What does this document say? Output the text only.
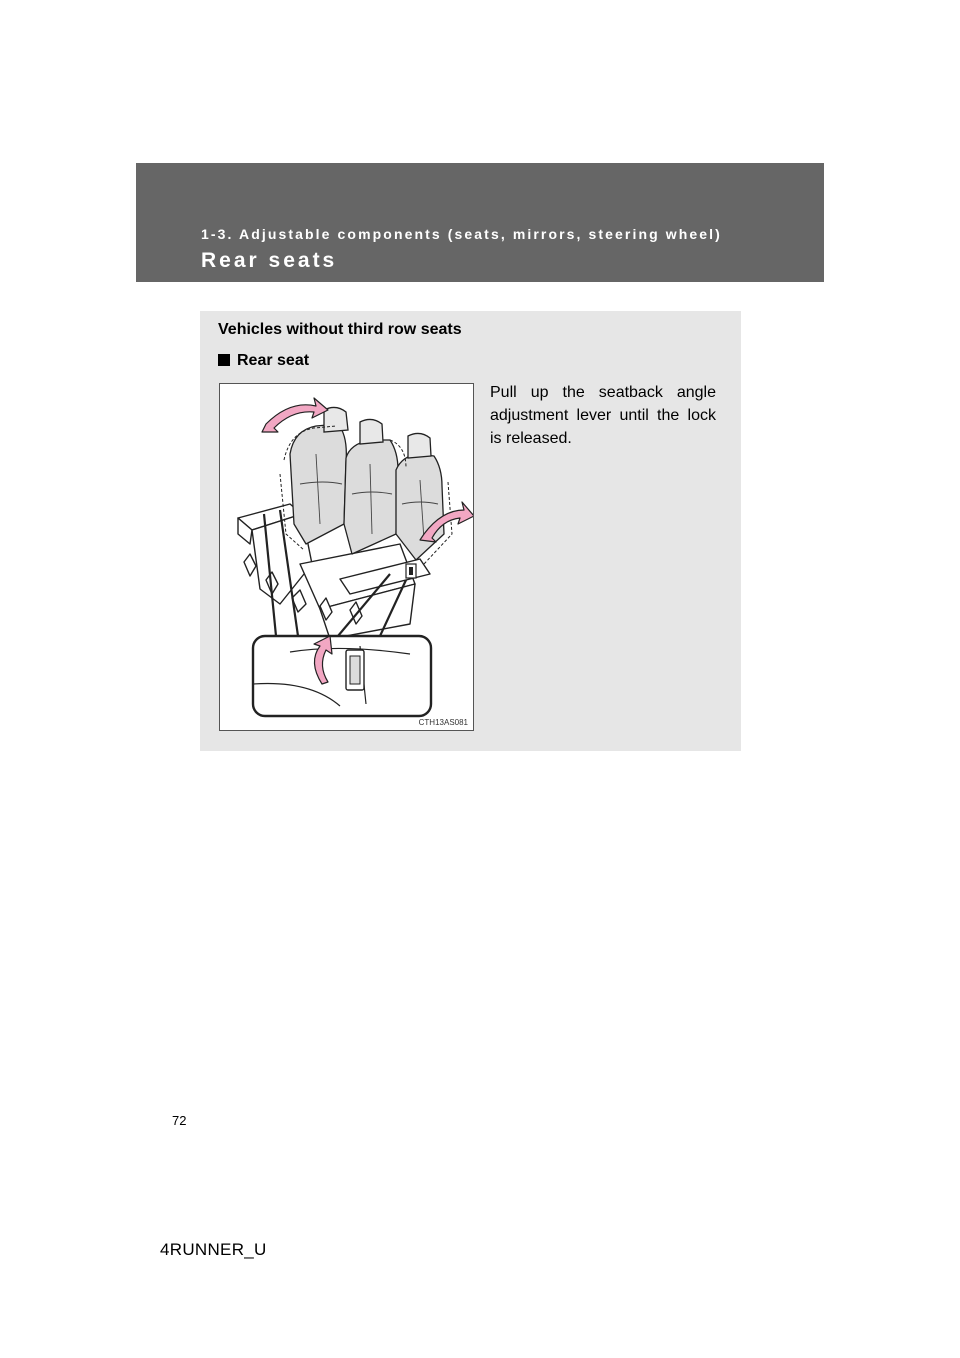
1-3. Adjustable components (seats, mirrors, steering wheel)
Rear seats
Vehicles without third row seats
Rear seat
Pull up the seatback angle adjustment lever until the lock is released.
CTH13AS081
72
4RUNNER_U
